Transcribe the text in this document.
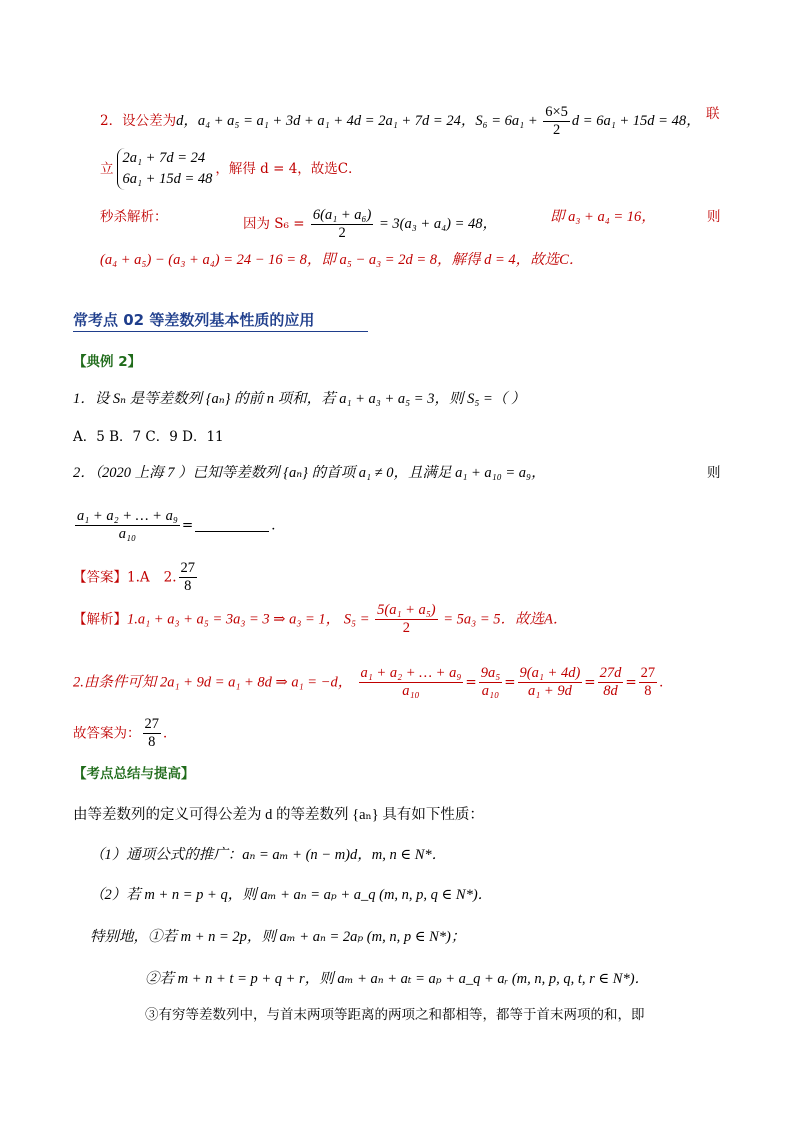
2．设公差为d，a₄ + a₅ = a₁ + 3d + a₁ + 4d = 2a₁ + 7d = 24，$S_6 = 6a_1 + \frac{6\times 5}{2}$ d = 6a₁ + 15d = 48， 联
立
2a₁ + 7d = 24
6a₁ + 15d = 48
，解得 d = 4，故选C．
秒杀解析：	因为 $S_6 = \frac{\text{6(a₁ + a₆)}}{2} = 3(a_3 + a_4) = 48$，	即 a₃ + a₄ = 16，	则
(a₄ + a₅) − (a₃ + a₄) = 24 − 16 = 8，即 a₅ − a₃ = 2d = 8，解得 d = 4，故选C．
常考点 02 等差数列基本性质的应用
【典例 2】
1．设 Sₙ 是等差数列 {aₙ} 的前 n 项和，若 a₁ + a₃ + a₅ = 3，则 S₅ =（ ）
A．5 B．7 C．9 D．11
2．（2020 上海 7 ）已知等差数列 {aₙ} 的首项 a₁ ≠ 0，且满足 a₁ + a₁₀ = a₉，	则
$\frac{\text{a₁ + a₂ + … + a₉}}{\text{a₁₀}}$ =	．
【答案】1.A 2. $\frac{27}{8}$
【解析】1.a₁ + a₃ + a₅ = 3a₃ = 3 ⇒ a₃ = 1， $S_5 = \frac{\text{5(a₁ + a₅)}}{2} = 5a_3 = 5$．故选A．
2.由条件可知 2a₁ + 9d = a₁ + 8d ⇒ a₁ = −d， $\frac{\text{a₁ + a₂ + … + a₉}}{\text{a₁₀}} = \frac{\text{9a₅}}{\text{a₁₀}} = \frac{\text{9(a₁ + 4d)}}{\text{a₁ + 9d}} = \frac{27d}{8d} = \frac{27}{8}$ ．
故答案为： $\frac{27}{8}$ ．
【考点总结与提高】
由等差数列的定义可得公差为 d 的等差数列 {aₙ} 具有如下性质：
（1）通项公式的推广：aₙ = aₘ + (n − m)d，m, n ∈ N*．
（2）若 m + n = p + q，则 aₘ + aₙ = aₚ + a_q (m, n, p, q ∈ N*)．
特别地，①若 m + n = 2p，则 aₘ + aₙ = 2aₚ (m, n, p ∈ N*)；
②若 m + n + t = p + q + r，则 aₘ + aₙ + aₜ = aₚ + a_q + aᵣ (m, n, p, q, t, r ∈ N*)．
③有穷等差数列中，与首末两项等距离的两项之和都相等，都等于首末两项的和，即
